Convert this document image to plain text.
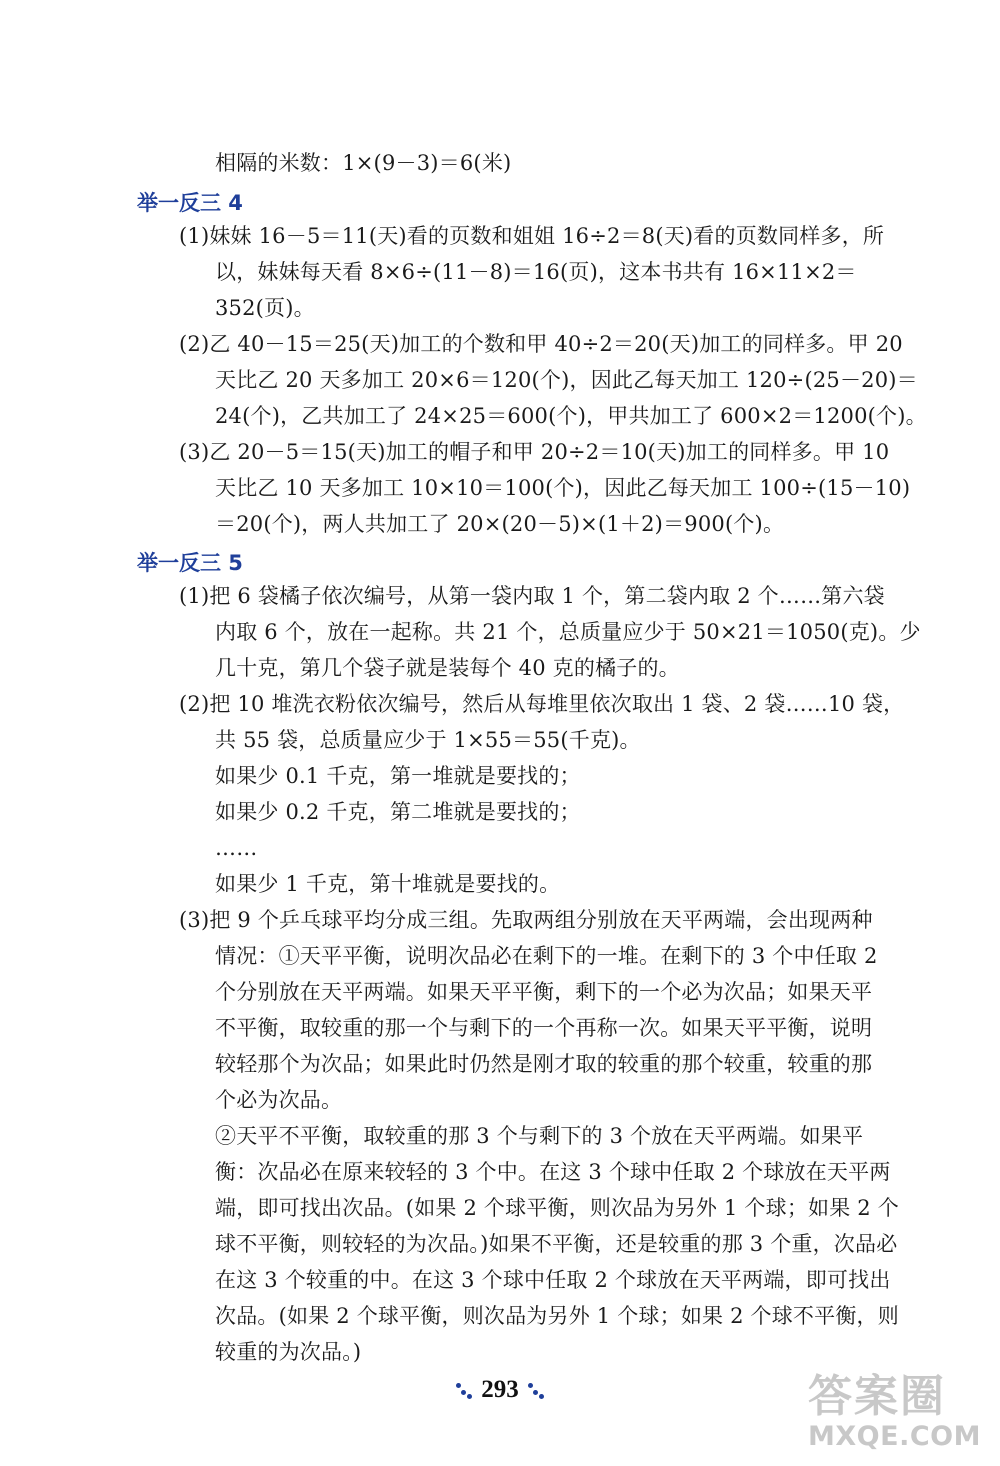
相隔的米数：1×(9－3)＝6(米)
举一反三 4
(1)妹妹 16－5＝11(天)看的页数和姐姐 16÷2＝8(天)看的页数同样多，所
以，妹妹每天看 8×6÷(11－8)＝16(页)，这本书共有 16×11×2＝
352(页)。
(2)乙 40－15＝25(天)加工的个数和甲 40÷2＝20(天)加工的同样多。甲 20
天比乙 20 天多加工 20×6＝120(个)，因此乙每天加工 120÷(25－20)＝
24(个)，乙共加工了 24×25＝600(个)，甲共加工了 600×2＝1200(个)。
(3)乙 20－5＝15(天)加工的帽子和甲 20÷2＝10(天)加工的同样多。甲 10
天比乙 10 天多加工 10×10＝100(个)，因此乙每天加工 100÷(15－10)
＝20(个)，两人共加工了 20×(20－5)×(1＋2)＝900(个)。
举一反三 5
(1)把 6 袋橘子依次编号，从第一袋内取 1 个，第二袋内取 2 个……第六袋
内取 6 个，放在一起称。共 21 个，总质量应少于 50×21＝1050(克)。少
几十克，第几个袋子就是装每个 40 克的橘子的。
(2)把 10 堆洗衣粉依次编号，然后从每堆里依次取出 1 袋、2 袋……10 袋，
共 55 袋，总质量应少于 1×55＝55(千克)。
如果少 0.1 千克，第一堆就是要找的；
如果少 0.2 千克，第二堆就是要找的；
……
如果少 1 千克，第十堆就是要找的。
(3)把 9 个乒乓球平均分成三组。先取两组分别放在天平两端，会出现两种
情况：①天平平衡，说明次品必在剩下的一堆。在剩下的 3 个中任取 2
个分别放在天平两端。如果天平平衡，剩下的一个必为次品；如果天平
不平衡，取较重的那一个与剩下的一个再称一次。如果天平平衡，说明
较轻那个为次品；如果此时仍然是刚才取的较重的那个较重，较重的那
个必为次品。
②天平不平衡，取较重的那 3 个与剩下的 3 个放在天平两端。如果平
衡：次品必在原来较轻的 3 个中。在这 3 个球中任取 2 个球放在天平两
端，即可找出次品。(如果 2 个球平衡，则次品为另外 1 个球；如果 2 个
球不平衡，则较轻的为次品。)如果不平衡，还是较重的那 3 个重，次品必
在这 3 个较重的中。在这 3 个球中任取 2 个球放在天平两端，即可找出
次品。(如果 2 个球平衡，则次品为另外 1 个球；如果 2 个球不平衡，则
较重的为次品。)
293	答案圈
MXQE.COM
